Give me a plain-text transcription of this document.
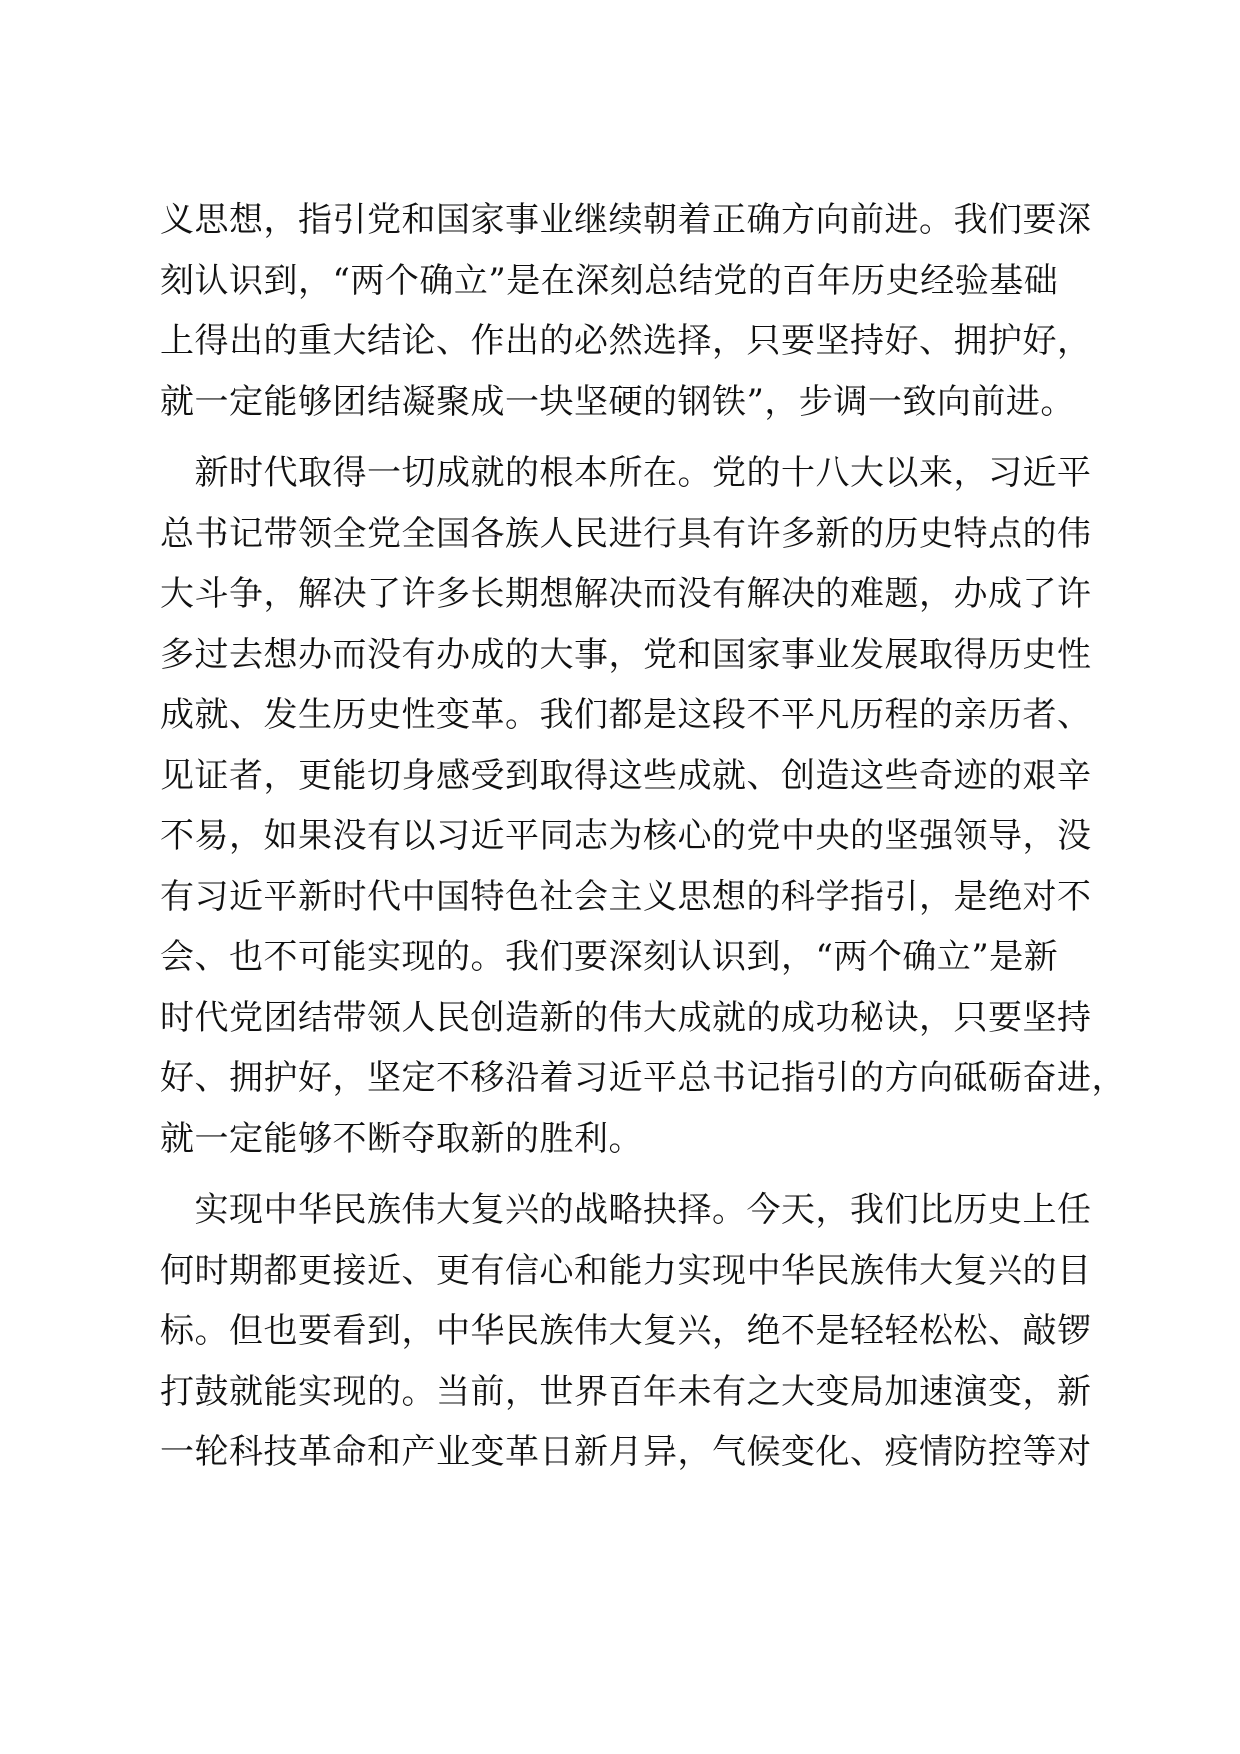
义思想，指引党和国家事业继续朝着正确方向前进。我们要深
刻认识到，“两个确立”是在深刻总结党的百年历史经验基础
上得出的重大结论、作出的必然选择，只要坚持好、拥护好，
就一定能够团结凝聚成一块坚硬的钢铁”，步调一致向前进。
　新时代取得一切成就的根本所在。党的十八大以来，习近平
总书记带领全党全国各族人民进行具有许多新的历史特点的伟
大斗争，解决了许多长期想解决而没有解决的难题，办成了许
多过去想办而没有办成的大事，党和国家事业发展取得历史性
成就、发生历史性变革。我们都是这段不平凡历程的亲历者、
见证者，更能切身感受到取得这些成就、创造这些奇迹的艰辛
不易，如果没有以习近平同志为核心的党中央的坚强领导，没
有习近平新时代中国特色社会主义思想的科学指引，是绝对不
会、也不可能实现的。我们要深刻认识到，“两个确立”是新
时代党团结带领人民创造新的伟大成就的成功秘诀，只要坚持
好、拥护好，坚定不移沿着习近平总书记指引的方向砥砺奋进，
就一定能够不断夺取新的胜利。
　实现中华民族伟大复兴的战略抉择。今天，我们比历史上任
何时期都更接近、更有信心和能力实现中华民族伟大复兴的目
标。但也要看到，中华民族伟大复兴，绝不是轻轻松松、敲锣
打鼓就能实现的。当前，世界百年未有之大变局加速演变，新
一轮科技革命和产业变革日新月异，气候变化、疫情防控等对
